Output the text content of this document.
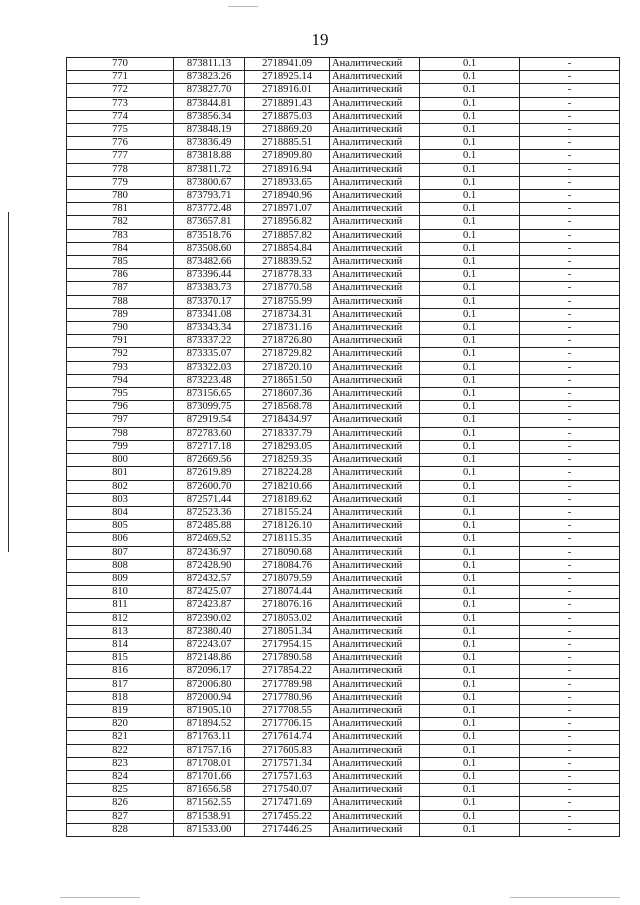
19
770	873811.13	2718941.09	Аналитический	0.1	-
771	873823.26	2718925.14	Аналитический	0.1	-
772	873827.70	2718916.01	Аналитический	0.1	-
773	873844.81	2718891.43	Аналитический	0.1	-
774	873856.34	2718875.03	Аналитический	0.1	-
775	873848.19	2718869.20	Аналитический	0.1	-
776	873836.49	2718885.51	Аналитический	0.1	-
777	873818.88	2718909.80	Аналитический	0.1	-
778	873811.72	2718916.94	Аналитический	0.1	-
779	873800.67	2718933.65	Аналитический	0.1	-
780	873793.71	2718940.96	Аналитический	0.1	-
781	873772.48	2718971.07	Аналитический	0.1	-
782	873657.81	2718956.82	Аналитический	0.1	-
783	873518.76	2718857.82	Аналитический	0.1	-
784	873508.60	2718854.84	Аналитический	0.1	-
785	873482.66	2718839.52	Аналитический	0.1	-
786	873396.44	2718778.33	Аналитический	0.1	-
787	873383.73	2718770.58	Аналитический	0.1	-
788	873370.17	2718755.99	Аналитический	0.1	-
789	873341.08	2718734.31	Аналитический	0.1	-
790	873343.34	2718731.16	Аналитический	0.1	-
791	873337.22	2718726.80	Аналитический	0.1	-
792	873335.07	2718729.82	Аналитический	0.1	-
793	873322.03	2718720.10	Аналитический	0.1	-
794	873223.48	2718651.50	Аналитический	0.1	-
795	873156.65	2718607.36	Аналитический	0.1	-
796	873099.75	2718568.78	Аналитический	0.1	-
797	872919.54	2718434.97	Аналитический	0.1	-
798	872783.60	2718337.79	Аналитический	0.1	-
799	872717.18	2718293.05	Аналитический	0.1	-
800	872669.56	2718259.35	Аналитический	0.1	-
801	872619.89	2718224.28	Аналитический	0.1	-
802	872600.70	2718210.66	Аналитический	0.1	-
803	872571.44	2718189.62	Аналитический	0.1	-
804	872523.36	2718155.24	Аналитический	0.1	-
805	872485.88	2718126.10	Аналитический	0.1	-
806	872469.52	2718115.35	Аналитический	0.1	-
807	872436.97	2718090.68	Аналитический	0.1	-
808	872428.90	2718084.76	Аналитический	0.1	-
809	872432.57	2718079.59	Аналитический	0.1	-
810	872425.07	2718074.44	Аналитический	0.1	-
811	872423.87	2718076.16	Аналитический	0.1	-
812	872390.02	2718053.02	Аналитический	0.1	-
813	872380.40	2718051.34	Аналитический	0.1	-
814	872243.07	2717954.15	Аналитический	0.1	-
815	872148.86	2717890.58	Аналитический	0.1	-
816	872096.17	2717854.22	Аналитический	0.1	-
817	872006.80	2717789.98	Аналитический	0.1	-
818	872000.94	2717780.96	Аналитический	0.1	-
819	871905.10	2717708.55	Аналитический	0.1	-
820	871894.52	2717706.15	Аналитический	0.1	-
821	871763.11	2717614.74	Аналитический	0.1	-
822	871757.16	2717605.83	Аналитический	0.1	-
823	871708.01	2717571.34	Аналитический	0.1	-
824	871701.66	2717571.63	Аналитический	0.1	-
825	871656.58	2717540.07	Аналитический	0.1	-
826	871562.55	2717471.69	Аналитический	0.1	-
827	871538.91	2717455.22	Аналитический	0.1	-
828	871533.00	2717446.25	Аналитический	0.1	-
